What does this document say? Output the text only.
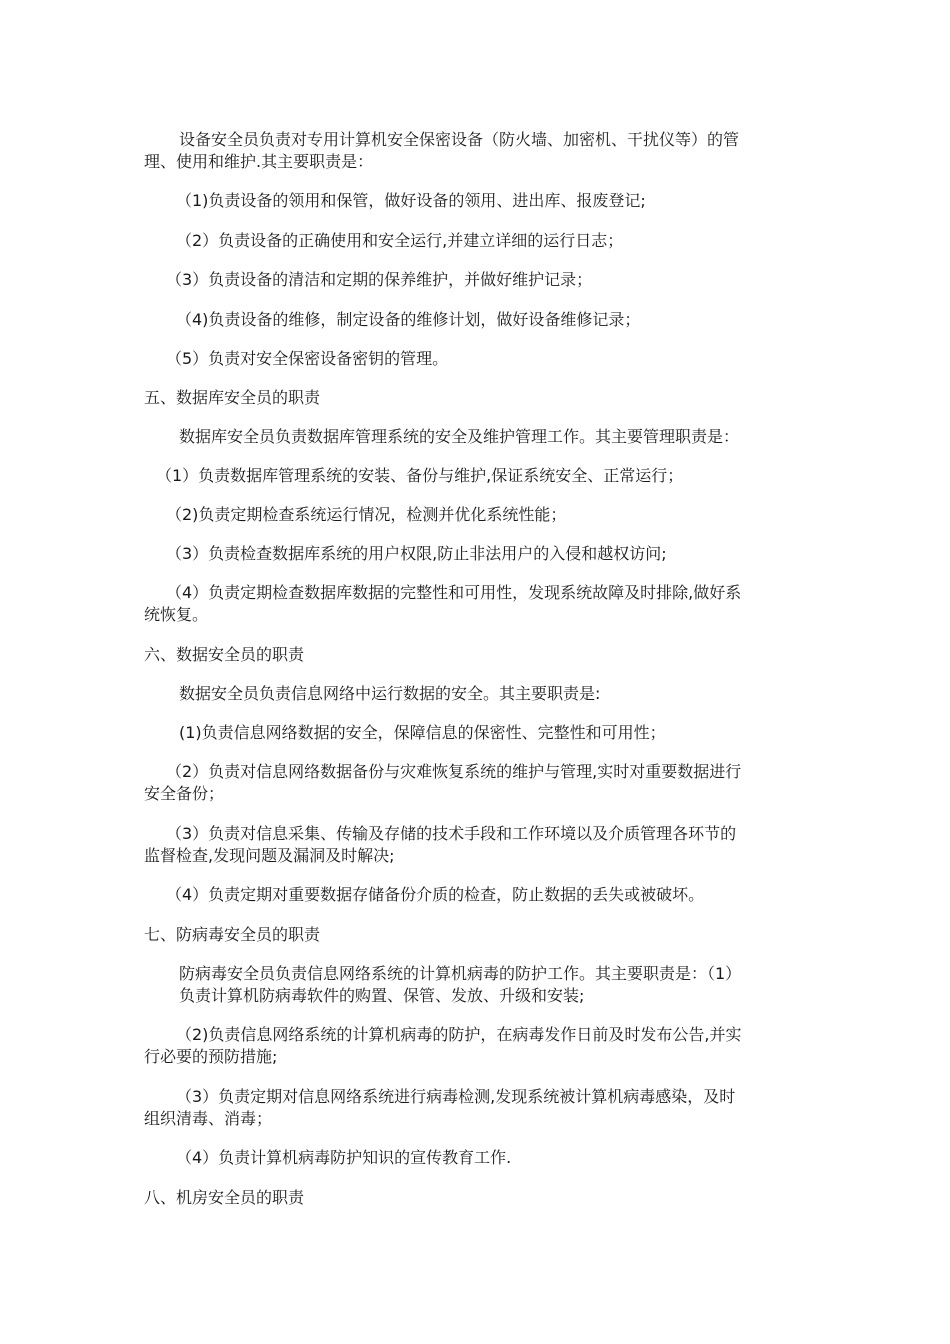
设备安全员负责对专用计算机安全保密设备（防火墙、加密机、干扰仪等）的管
理、使用和维护.其主要职责是：
（1)负责设备的领用和保管，做好设备的领用、进出库、报废登记;
（2）负责设备的正确使用和安全运行,并建立详细的运行日志；
（3）负责设备的清洁和定期的保养维护，并做好维护记录；
（4)负责设备的维修，制定设备的维修计划，做好设备维修记录；
（5）负责对安全保密设备密钥的管理。
五、数据库安全员的职责
数据库安全员负责数据库管理系统的安全及维护管理工作。其主要管理职责是：
（1）负责数据库管理系统的安装、备份与维护,保证系统安全、正常运行；
（2)负责定期检查系统运行情况，检测并优化系统性能；
（3）负责检查数据库系统的用户权限,防止非法用户的入侵和越权访问;
（4）负责定期检查数据库数据的完整性和可用性，发现系统故障及时排除,做好系
统恢复。
六、数据安全员的职责
数据安全员负责信息网络中运行数据的安全。其主要职责是:
(1)负责信息网络数据的安全，保障信息的保密性、完整性和可用性；
（2）负责对信息网络数据备份与灾难恢复系统的维护与管理,实时对重要数据进行
安全备份；
（3）负责对信息采集、传输及存储的技术手段和工作环境以及介质管理各环节的
监督检查,发现问题及漏洞及时解决;
（4）负责定期对重要数据存储备份介质的检查，防止数据的丢失或被破坏。
七、防病毒安全员的职责
防病毒安全员负责信息网络系统的计算机病毒的防护工作。其主要职责是：（1）
负责计算机防病毒软件的购置、保管、发放、升级和安装;
（2)负责信息网络系统的计算机病毒的防护，在病毒发作日前及时发布公告,并实
行必要的预防措施;
（3）负责定期对信息网络系统进行病毒检测,发现系统被计算机病毒感染，及时
组织清毒、消毒；
（4）负责计算机病毒防护知识的宣传教育工作.
八、机房安全员的职责
